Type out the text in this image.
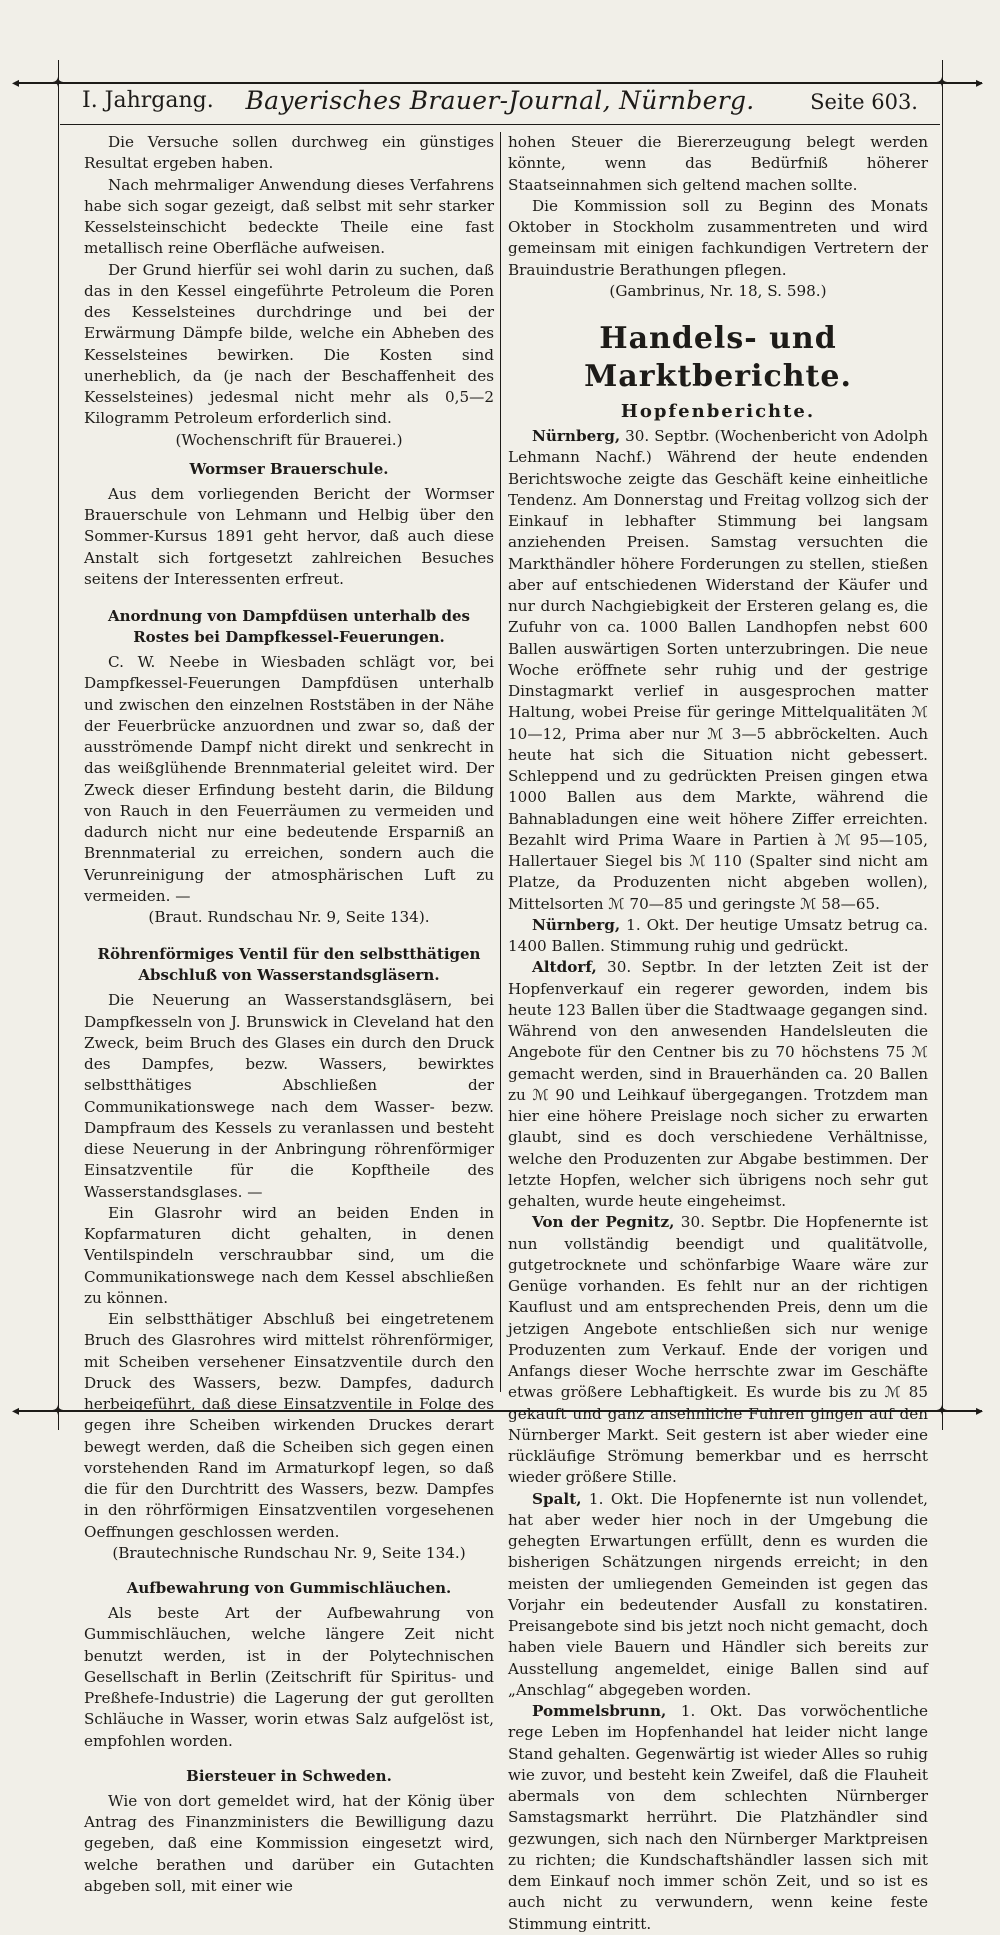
✦	✦
✦	✦
◂	▸
◂	▸
I. Jahrgang.	Bayerisches Brauer-Journal, Nürnberg.	Seite 603.

Die Versuche sollen durchweg ein günstiges Resultat ergeben haben.

Nach mehrmaliger Anwendung dieses Verfahrens habe sich sogar gezeigt, daß selbst mit sehr starker Kesselsteinschicht bedeckte Theile eine fast metallisch reine Oberfläche aufweisen.

Der Grund hierfür sei wohl darin zu suchen, daß das in den Kessel eingeführte Petroleum die Poren des Kesselsteines durchdringe und bei der Erwärmung Dämpfe bilde, welche ein Abheben des Kesselsteines bewirken. Die Kosten sind unerheblich, da (je nach der Beschaffenheit des Kesselsteines) jedesmal nicht mehr als 0,5—2 Kilogramm Petroleum erforderlich sind.

(Wochenschrift für Brauerei.)

Wormser Brauerschule.

Aus dem vorliegenden Bericht der Wormser Brauerschule von Lehmann und Helbig über den Sommer-Kursus 1891 geht hervor, daß auch diese Anstalt sich fortgesetzt zahlreichen Besuches seitens der Interessenten erfreut.

Anordnung von Dampfdüsen unterhalb des Rostes bei Dampfkessel-Feuerungen.

C. W. Neebe in Wiesbaden schlägt vor, bei Dampfkessel-Feuerungen Dampfdüsen unterhalb und zwischen den einzelnen Roststäben in der Nähe der Feuerbrücke anzuordnen und zwar so, daß der ausströmende Dampf nicht direkt und senkrecht in das weißglühende Brennmaterial geleitet wird. Der Zweck dieser Erfindung besteht darin, die Bildung von Rauch in den Feuerräumen zu vermeiden und dadurch nicht nur eine bedeutende Ersparniß an Brennmaterial zu erreichen, sondern auch die Verunreinigung der atmosphärischen Luft zu vermeiden. —

(Braut. Rundschau Nr. 9, Seite 134).

Röhrenförmiges Ventil für den selbstthätigen Abschluß von Wasserstandsgläsern.

Die Neuerung an Wasserstandsgläsern, bei Dampfkesseln von J. Brunswick in Cleveland hat den Zweck, beim Bruch des Glases ein durch den Druck des Dampfes, bezw. Wassers, bewirktes selbstthätiges Abschließen der Communikationswege nach dem Wasser- bezw. Dampfraum des Kessels zu veranlassen und besteht diese Neuerung in der Anbringung röhrenförmiger Einsatzventile für die Kopftheile des Wasserstandsglases. —

Ein Glasrohr wird an beiden Enden in Kopfarmaturen dicht gehalten, in denen Ventilspindeln verschraubbar sind, um die Communikationswege nach dem Kessel abschließen zu können.

Ein selbstthätiger Abschluß bei eingetretenem Bruch des Glasrohres wird mittelst röhrenförmiger, mit Scheiben versehener Einsatzventile durch den Druck des Wassers, bezw. Dampfes, dadurch herbeigeführt, daß diese Einsatzventile in Folge des gegen ihre Scheiben wirkenden Druckes derart bewegt werden, daß die Scheiben sich gegen einen vorstehenden Rand im Armaturkopf legen, so daß die für den Durchtritt des Wassers, bezw. Dampfes in den röhrförmigen Einsatzventilen vorgesehenen Oeffnungen geschlossen werden.

(Brautechnische Rundschau Nr. 9, Seite 134.)

Aufbewahrung von Gummischläuchen.

Als beste Art der Aufbewahrung von Gummischläuchen, welche längere Zeit nicht benutzt werden, ist in der Polytechnischen Gesellschaft in Berlin (Zeitschrift für Spiritus- und Preßhefe-Industrie) die Lagerung der gut gerollten Schläuche in Wasser, worin etwas Salz aufgelöst ist, empfohlen worden.

Biersteuer in Schweden.

Wie von dort gemeldet wird, hat der König über Antrag des Finanzministers die Bewilligung dazu gegeben, daß eine Kommission eingesetzt wird, welche berathen und darüber ein Gutachten abgeben soll, mit einer wie

hohen Steuer die Biererzeugung belegt werden könnte, wenn das Bedürfniß höherer Staatseinnahmen sich geltend machen sollte.

Die Kommission soll zu Beginn des Monats Oktober in Stockholm zusammentreten und wird gemeinsam mit einigen fachkundigen Vertretern der Brauindustrie Berathungen pflegen.

(Gambrinus, Nr. 18, S. 598.)

Handels- und Marktberichte.
Hopfenberichte.

Nürnberg, 30. Septbr. (Wochenbericht von Adolph Lehmann Nachf.) Während der heute endenden Berichtswoche zeigte das Geschäft keine einheitliche Tendenz. Am Donnerstag und Freitag vollzog sich der Einkauf in lebhafter Stimmung bei langsam anziehenden Preisen. Samstag versuchten die Markthändler höhere Forderungen zu stellen, stießen aber auf entschiedenen Widerstand der Käufer und nur durch Nachgiebigkeit der Ersteren gelang es, die Zufuhr von ca. 1000 Ballen Landhopfen nebst 600 Ballen auswärtigen Sorten unterzubringen. Die neue Woche eröffnete sehr ruhig und der gestrige Dinstagmarkt verlief in ausgesprochen matter Haltung, wobei Preise für geringe Mittelqualitäten ℳ 10—12, Prima aber nur ℳ 3—5 abbröckelten. Auch heute hat sich die Situation nicht gebessert. Schleppend und zu gedrückten Preisen gingen etwa 1000 Ballen aus dem Markte, während die Bahnabladungen eine weit höhere Ziffer erreichten. Bezahlt wird Prima Waare in Partien à ℳ 95—105, Hallertauer Siegel bis ℳ 110 (Spalter sind nicht am Platze, da Produzenten nicht abgeben wollen), Mittelsorten ℳ 70—85 und geringste ℳ 58—65.

Nürnberg, 1. Okt. Der heutige Umsatz betrug ca. 1400 Ballen. Stimmung ruhig und gedrückt.

Altdorf, 30. Septbr. In der letzten Zeit ist der Hopfenverkauf ein regerer geworden, indem bis heute 123 Ballen über die Stadtwaage gegangen sind. Während von den anwesenden Handelsleuten die Angebote für den Centner bis zu 70 höchstens 75 ℳ gemacht werden, sind in Brauerhänden ca. 20 Ballen zu ℳ 90 und Leihkauf übergegangen. Trotzdem man hier eine höhere Preislage noch sicher zu erwarten glaubt, sind es doch verschiedene Verhältnisse, welche den Produzenten zur Abgabe bestimmen. Der letzte Hopfen, welcher sich übrigens noch sehr gut gehalten, wurde heute eingeheimst.

Von der Pegnitz, 30. Septbr. Die Hopfenernte ist nun vollständig beendigt und qualitätvolle, gutgetrocknete und schönfarbige Waare wäre zur Genüge vorhanden. Es fehlt nur an der richtigen Kauflust und am entsprechenden Preis, denn um die jetzigen Angebote entschließen sich nur wenige Produzenten zum Verkauf. Ende der vorigen und Anfangs dieser Woche herrschte zwar im Geschäfte etwas größere Lebhaftigkeit. Es wurde bis zu ℳ 85 gekauft und ganz ansehnliche Fuhren gingen auf den Nürnberger Markt. Seit gestern ist aber wieder eine rückläufige Strömung bemerkbar und es herrscht wieder größere Stille.

Spalt, 1. Okt. Die Hopfenernte ist nun vollendet, hat aber weder hier noch in der Umgebung die gehegten Erwartungen erfüllt, denn es wurden die bisherigen Schätzungen nirgends erreicht; in den meisten der umliegenden Gemeinden ist gegen das Vorjahr ein bedeutender Ausfall zu konstatiren. Preisangebote sind bis jetzt noch nicht gemacht, doch haben viele Bauern und Händler sich bereits zur Ausstellung angemeldet, einige Ballen sind auf „Anschlag“ abgegeben worden.

Pommelsbrunn, 1. Okt. Das vorwöchentliche rege Leben im Hopfenhandel hat leider nicht lange Stand gehalten. Gegenwärtig ist wieder Alles so ruhig wie zuvor, und besteht kein Zweifel, daß die Flauheit abermals von dem schlechten Nürnberger Samstagsmarkt herrührt. Die Platzhändler sind gezwungen, sich nach den Nürnberger Marktpreisen zu richten; die Kundschaftshändler lassen sich mit dem Einkauf noch immer schön Zeit, und so ist es auch nicht zu verwundern, wenn keine feste Stimmung eintritt.
